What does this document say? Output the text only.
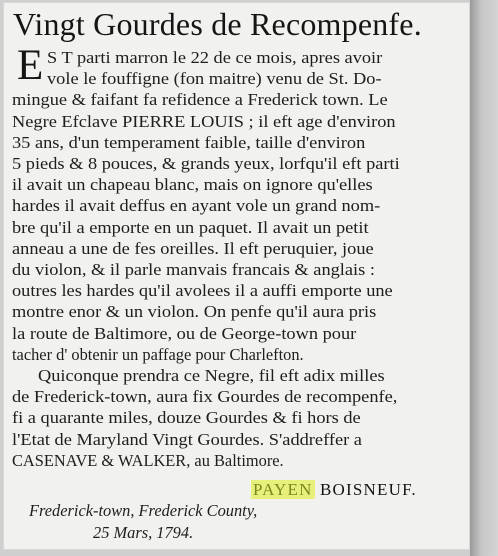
Vingt Gourdes de Recompenfe.
E S T parti marron le 22 de ce mois, apres avoir
vole le fouffigne (fon maitre) venu de St. Do-
mingue & faifant fa refidence a Frederick town. Le
Negre Efclave PIERRE LOUIS ; il eft age d'environ
35 ans, d'un temperament faible, taille d'environ
5 pieds & 8 pouces, & grands yeux, lorfqu'il eft parti
il avait un chapeau blanc, mais on ignore qu'elles
hardes il avait deffus en ayant vole un grand nom-
bre qu'il a emporte en un paquet. Il avait un petit
anneau a une de fes oreilles. Il eft peruquier, joue
du violon, & il parle manvais francais & anglais :
outres les hardes qu'il avolees il a auffi emporte une
montre enor & un violon. On penfe qu'il aura pris
la route de Baltimore, ou de George-town pour
tacher d' obtenir un paffage pour Charlefton.
Quiconque prendra ce Negre, fil eft adix milles
de Frederick-town, aura fix Gourdes de recompenfe,
fi a quarante miles, douze Gourdes & fi hors de
l'Etat de Maryland Vingt Gourdes. S'addreffer a
CASENAVE & WALKER, au Baltimore.
PAYEN BOISNEUF.
Frederick-town, Frederick County,
25 Mars, 1794.
